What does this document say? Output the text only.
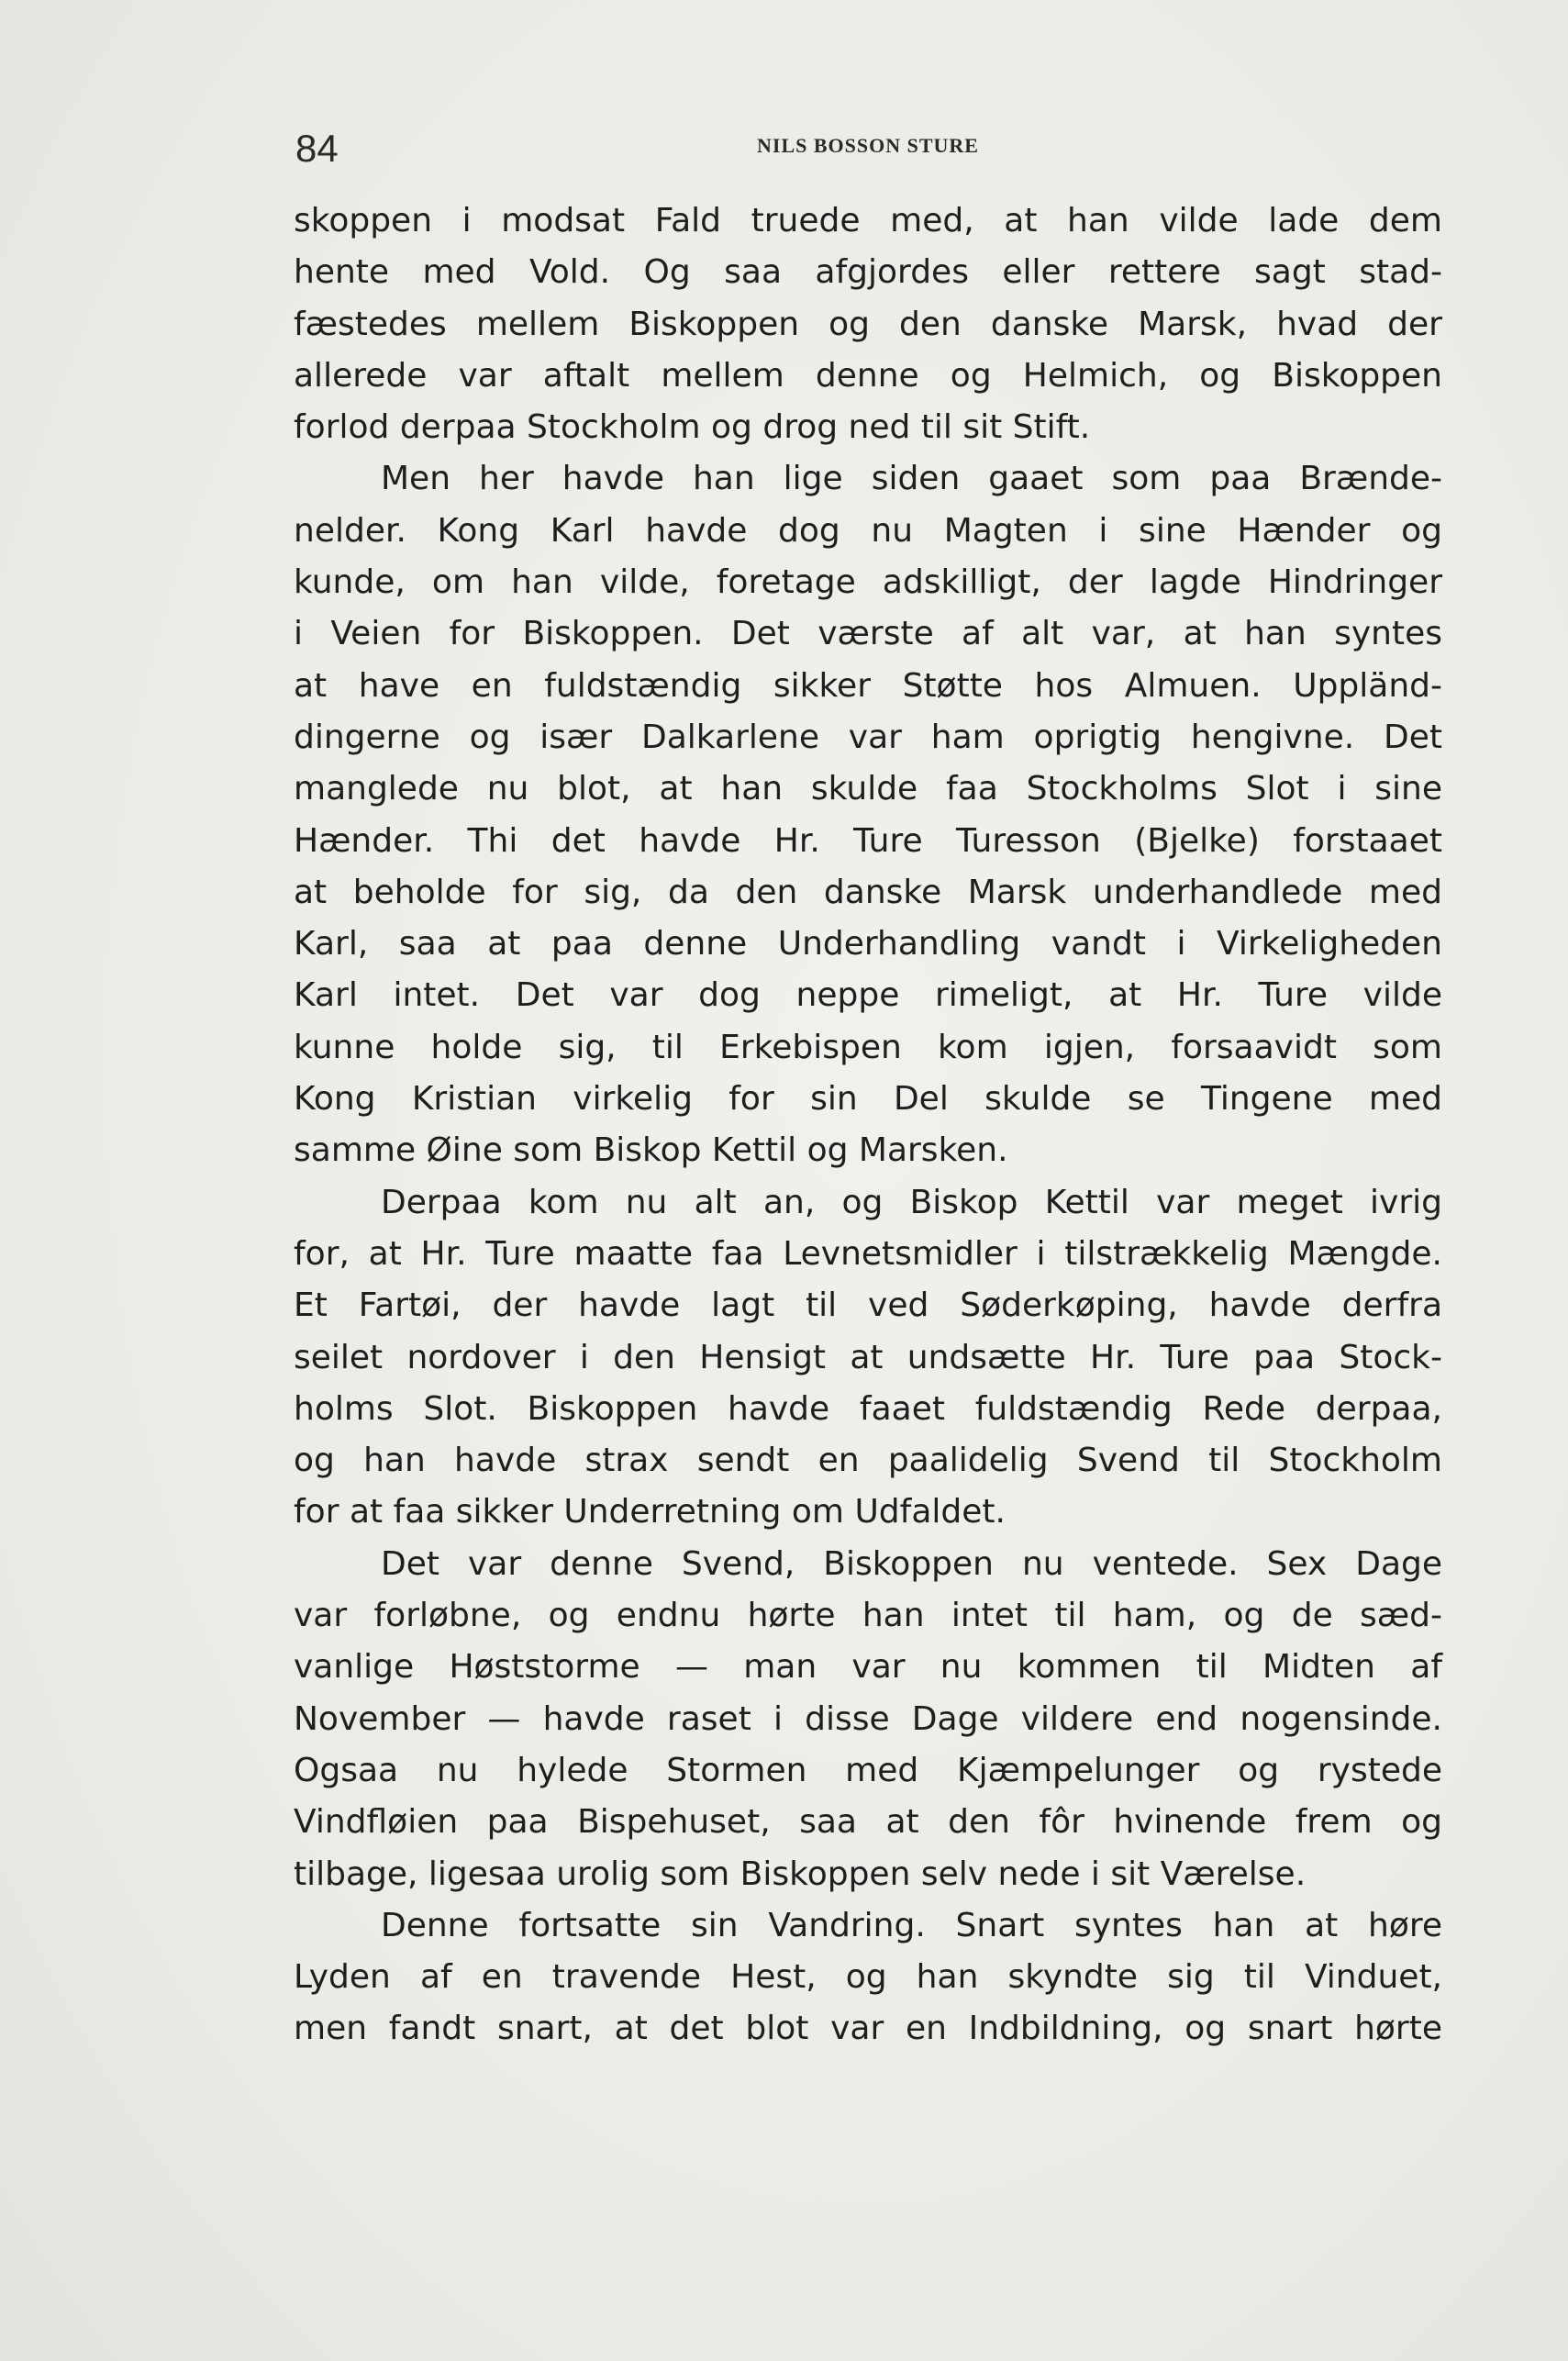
84	NILS BOSSON STURE
skoppen i modsat Fald truede med, at han vilde lade dem
hente med Vold. Og saa afgjordes eller rettere sagt stad-
fæstedes mellem Biskoppen og den danske Marsk, hvad der
allerede var aftalt mellem denne og Helmich, og Biskoppen
forlod derpaa Stockholm og drog ned til sit Stift.
Men her havde han lige siden gaaet som paa Brænde-
nelder. Kong Karl havde dog nu Magten i sine Hænder og
kunde, om han vilde, foretage adskilligt, der lagde Hindringer
i Veien for Biskoppen. Det værste af alt var, at han syntes
at have en fuldstændig sikker Støtte hos Almuen. Uppländ-
dingerne og især Dalkarlene var ham oprigtig hengivne. Det
manglede nu blot, at han skulde faa Stockholms Slot i sine
Hænder. Thi det havde Hr. Ture Turesson (Bjelke) forstaaet
at beholde for sig, da den danske Marsk underhandlede med
Karl, saa at paa denne Underhandling vandt i Virkeligheden
Karl intet. Det var dog neppe rimeligt, at Hr. Ture vilde
kunne holde sig, til Erkebispen kom igjen, forsaavidt som
Kong Kristian virkelig for sin Del skulde se Tingene med
samme Øine som Biskop Kettil og Marsken.
Derpaa kom nu alt an, og Biskop Kettil var meget ivrig
for, at Hr. Ture maatte faa Levnetsmidler i tilstrækkelig Mængde.
Et Fartøi, der havde lagt til ved Søderkøping, havde derfra
seilet nordover i den Hensigt at undsætte Hr. Ture paa Stock-
holms Slot. Biskoppen havde faaet fuldstændig Rede derpaa,
og han havde strax sendt en paalidelig Svend til Stockholm
for at faa sikker Underretning om Udfaldet.
Det var denne Svend, Biskoppen nu ventede. Sex Dage
var forløbne, og endnu hørte han intet til ham, og de sæd-
vanlige Høststorme — man var nu kommen til Midten af
November — havde raset i disse Dage vildere end nogensinde.
Ogsaa nu hylede Stormen med Kjæmpelunger og rystede
Vindfløien paa Bispehuset, saa at den fôr hvinende frem og
tilbage, ligesaa urolig som Biskoppen selv nede i sit Værelse.
Denne fortsatte sin Vandring. Snart syntes han at høre
Lyden af en travende Hest, og han skyndte sig til Vinduet,
men fandt snart, at det blot var en Indbildning, og snart hørte
